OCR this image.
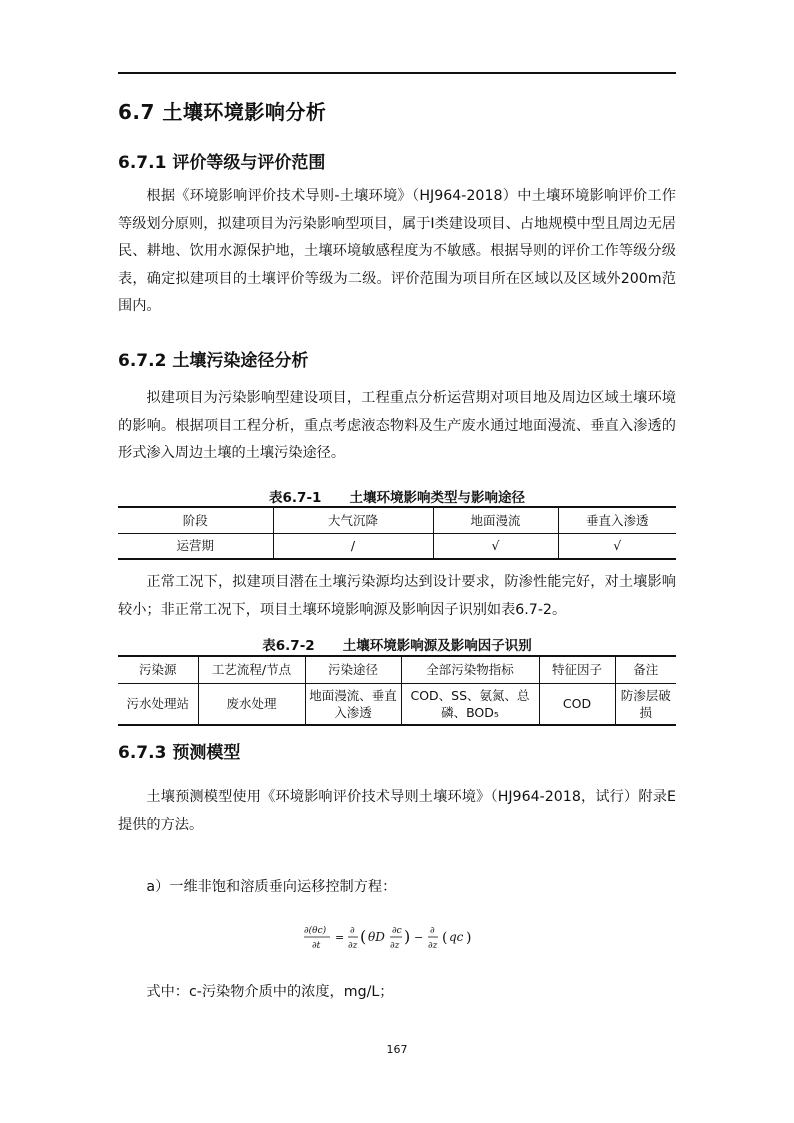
6.7 土壤环境影响分析
6.7.1 评价等级与评价范围

根据《环境影响评价技术导则-土壤环境》（HJ964-2018）中土壤环境影响评价工作等级划分原则，拟建项目为污染影响型项目，属于I类建设项目、占地规模中型且周边无居民、耕地、饮用水源保护地，土壤环境敏感程度为不敏感。根据导则的评价工作等级分级表，确定拟建项目的土壤评价等级为二级。评价范围为项目所在区域以及区域外200m范围内。

6.7.2 土壤污染途径分析

拟建项目为污染影响型建设项目，工程重点分析运营期对项目地及周边区域土壤环境的影响。根据项目工程分析，重点考虑液态物料及生产废水通过地面漫流、垂直入渗透的形式渗入周边土壤的土壤污染途径。

表6.7-1 土壤环境影响类型与影响途径
阶段	大气沉降	地面漫流	垂直入渗透
运营期	/	√	√

正常工况下，拟建项目潜在土壤污染源均达到设计要求，防渗性能完好，对土壤影响较小；非正常工况下，项目土壤环境影响源及影响因子识别如表6.7-2。

表6.7-2 土壤环境影响源及影响因子识别
污染源	工艺流程/节点	污染途径	全部污染物指标	特征因子	备注
污水处理站	废水处理	地面漫流、垂直入渗透	COD、SS、氨氮、总磷、BOD₅	COD	防渗层破损
6.7.3 预测模型

土壤预测模型使用《环境影响评价技术导则土壤环境》（HJ964-2018，试行）附录E提供的方法。

a）一维非饱和溶质垂向运移控制方程：

∂(θc)
∂t
= ∂
∂z ( θD ∂c
∂z ) − ∂
∂z ( qc )

式中：c-污染物介质中的浓度，mg/L；

167
